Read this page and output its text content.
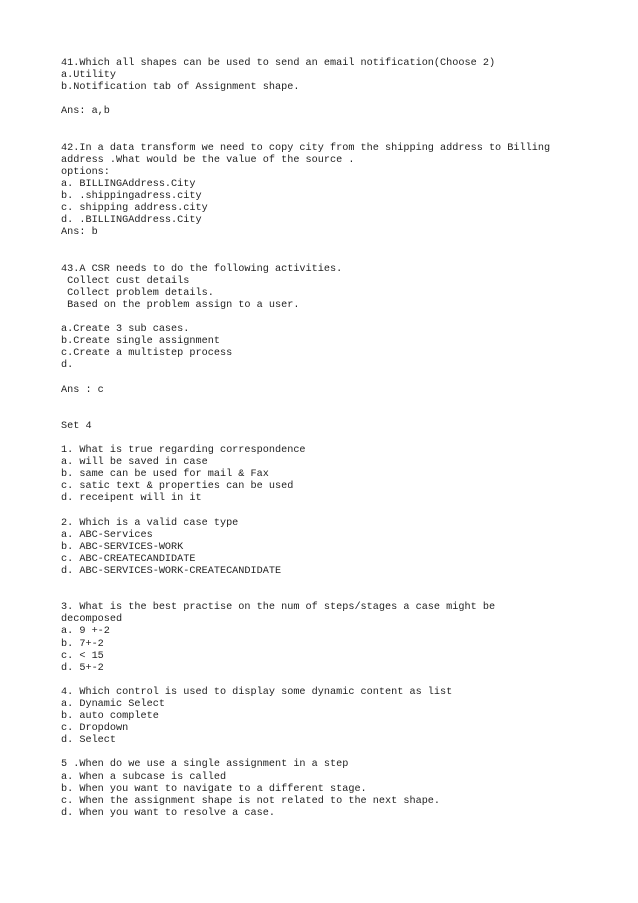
41.Which all shapes can be used to send an email notification(Choose 2)
a.Utility
b.Notification tab of Assignment shape.
Ans: a,b
42.In a data transform we need to copy city from the shipping address to Billing
address .What would be the value of the source .
options:
a. BILLINGAddress.City
b. .shippingadress.city
c. shipping address.city
d. .BILLINGAddress.City
Ans: b
43.A CSR needs to do the following activities.
Collect cust details
Collect problem details.
Based on the problem assign to a user.
a.Create 3 sub cases.
b.Create single assignment
c.Create a multistep process
d.
Ans : c
Set 4
1. What is true regarding correspondence
a. will be saved in case
b. same can be used for mail & Fax
c. satic text & properties can be used
d. receipent will in it
2. Which is a valid case type
a. ABC-Services
b. ABC-SERVICES-WORK
c. ABC-CREATECANDIDATE
d. ABC-SERVICES-WORK-CREATECANDIDATE
3. What is the best practise on the num of steps/stages a case might be
decomposed
a. 9 +-2
b. 7+-2
c. < 15
d. 5+-2
4. Which control is used to display some dynamic content as list
a. Dynamic Select
b. auto complete
c. Dropdown
d. Select
5 .When do we use a single assignment in a step
a. When a subcase is called
b. When you want to navigate to a different stage.
c. When the assignment shape is not related to the next shape.
d. When you want to resolve a case.
